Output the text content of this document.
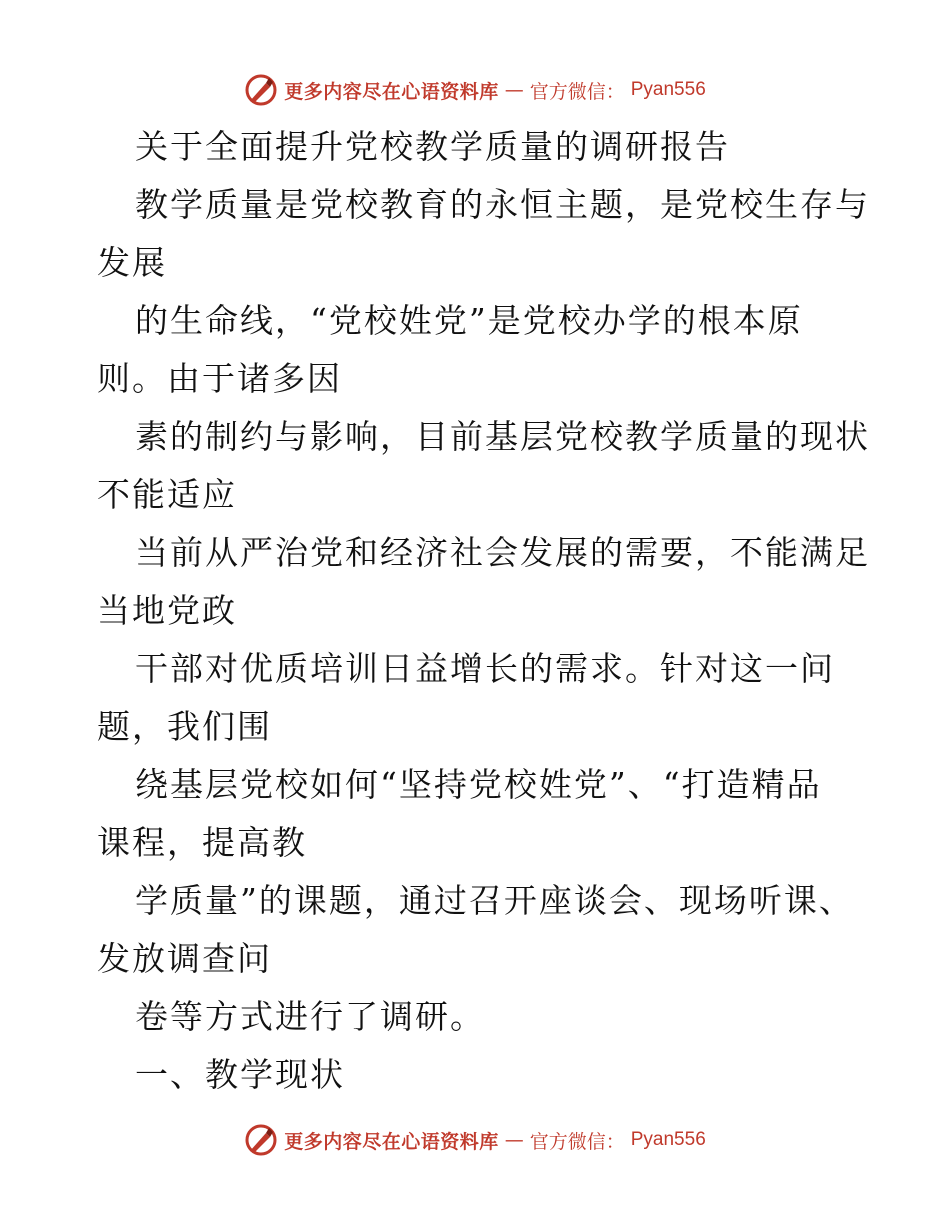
更多内容尽在心语资料库 — 官方微信： Pyan556
关于全面提升党校教学质量的调研报告
教学质量是党校教育的永恒主题，是党校生存与
发展
的生命线，“党校姓党”是党校办学的根本原
则。由于诸多因
素的制约与影响，目前基层党校教学质量的现状
不能适应
当前从严治党和经济社会发展的需要，不能满足
当地党政
干部对优质培训日益增长的需求。针对这一问
题，我们围
绕基层党校如何“坚持党校姓党”、“打造精品
课程，提高教
学质量”的课题，通过召开座谈会、现场听课、
发放调查问
卷等方式进行了调研。
一、教学现状
更多内容尽在心语资料库 — 官方微信： Pyan556
